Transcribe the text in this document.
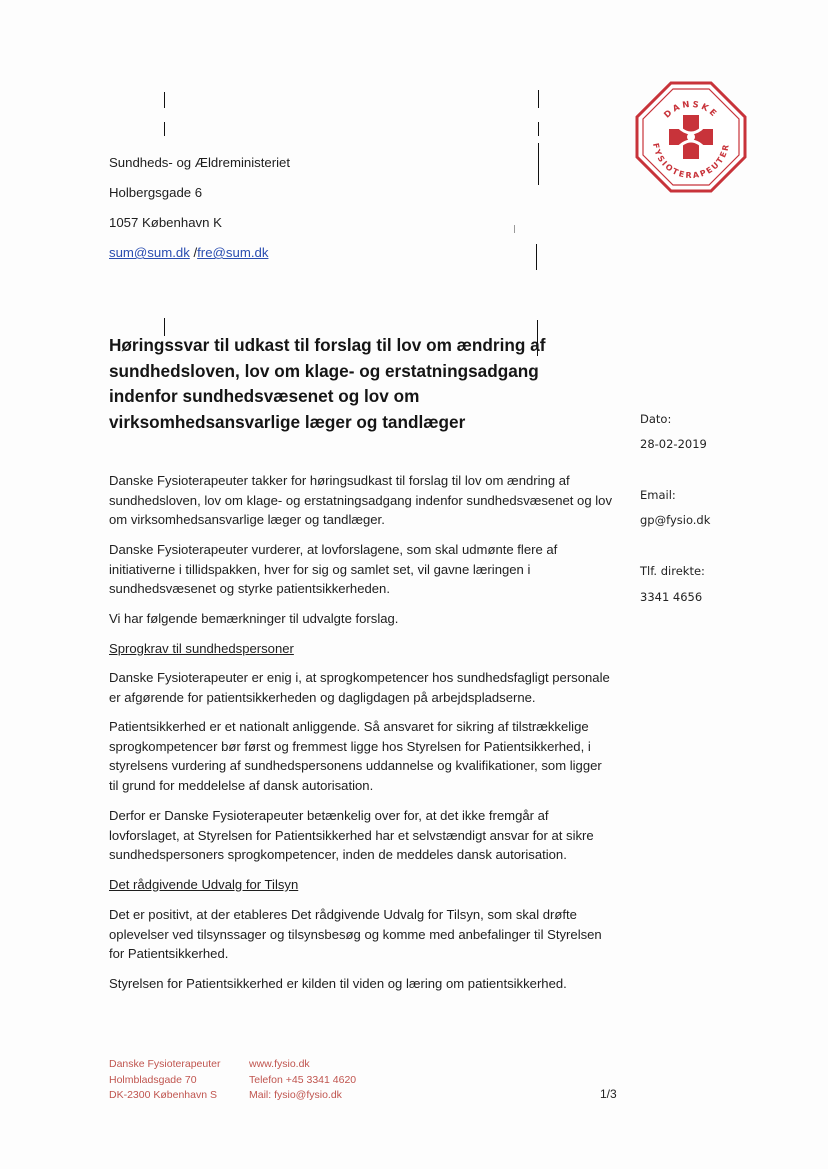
Sundheds- og Ældreministeriet
Holbergsgade 6
1057 København K
sum@sum.dk /fre@sum.dk
DANSKE
FYSIOTERAPEUTER
Høringssvar til udkast til forslag til lov om ændring af sundhedsloven, lov om klage- og erstatningsadgang indenfor sundhedsvæsenet og lov om virksomhedsansvarlige læger og tandlæger	Dato:
28-02-2019
Email:
gp@fysio.dk
Tlf. direkte:
3341 4656
Danske Fysioterapeuter takker for høringsudkast til forslag til lov om ændring af sundhedsloven, lov om klage- og erstatningsadgang indenfor sundhedsvæsenet og lov om virksomhedsansvarlige læger og tandlæger.
Danske Fysioterapeuter vurderer, at lovforslagene, som skal udmønte flere af initiativerne i tillidspakken, hver for sig og samlet set, vil gavne læringen i sundhedsvæsenet og styrke patientsikkerheden.
Vi har følgende bemærkninger til udvalgte forslag.
Sprogkrav til sundhedspersoner
Danske Fysioterapeuter er enig i, at sprogkompetencer hos sundhedsfagligt personale er afgørende for patientsikkerheden og dagligdagen på arbejdspladserne.
Patientsikkerhed er et nationalt anliggende. Så ansvaret for sikring af tilstrækkelige sprogkompetencer bør først og fremmest ligge hos Styrelsen for Patientsikkerhed, i styrelsens vurdering af sundhedspersonens uddannelse og kvalifikationer, som ligger til grund for meddelelse af dansk autorisation.
Derfor er Danske Fysioterapeuter betænkelig over for, at det ikke fremgår af lovforslaget, at Styrelsen for Patientsikkerhed har et selvstændigt ansvar for at sikre sundhedspersoners sprogkompetencer, inden de meddeles dansk autorisation.
Det rådgivende Udvalg for Tilsyn
Det er positivt, at der etableres Det rådgivende Udvalg for Tilsyn, som skal drøfte oplevelser ved tilsynssager og tilsynsbesøg og komme med anbefalinger til Styrelsen for Patientsikkerhed.
Styrelsen for Patientsikkerhed er kilden til viden og læring om patientsikkerhed.
Danske Fysioterapeuter
Holmbladsgade 70
DK-2300 København S
www.fysio.dk
Telefon +45 3341 4620
Mail: fysio@fysio.dk	1/3
